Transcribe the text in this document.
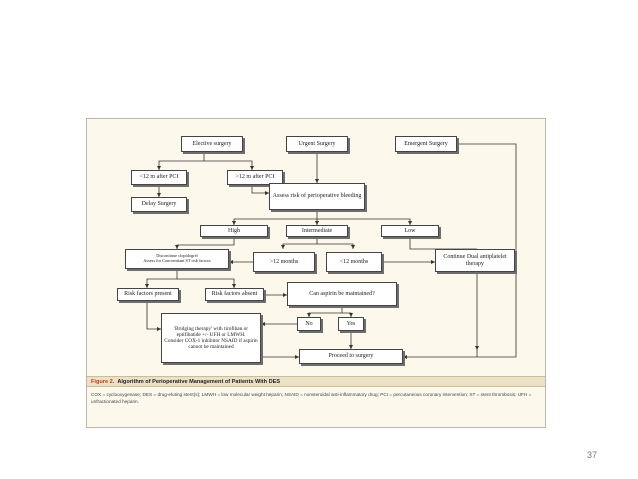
Elective surgery	Urgent Surgery	Emergent Surgery
<12 m after PCI	>12 m after PCI
Delay Surgery
Assess risk of perioperative bleeding
High	Intermediate	Low
Discontinue clopidogrel
Assess for Concomitant ST risk factors	>12 months	<12 months
Continue Dual antiplatelet therapy
Risk factors present	Risk factors absent	Can aspirin be maintained?
'Bridging therapy' with tirofiban or eptifibatide +/- UFH or LMWH.
Consider COX-1 inhibitor NSAID if aspirin cannot be maintained
No	Yes
Proceed to surgery
Figure 2. Algorithm of Perioperative Management of Patients With DES
COX = cyclooxygenase; DES = drug-eluting stent(s); LMWH = low molecular weight heparin; NSAID = nonsteroidal anti-inflammatory drug; PCI = percutaneous coronary intervention; ST = stent thrombosis; UFH = unfractionated heparin.
37
